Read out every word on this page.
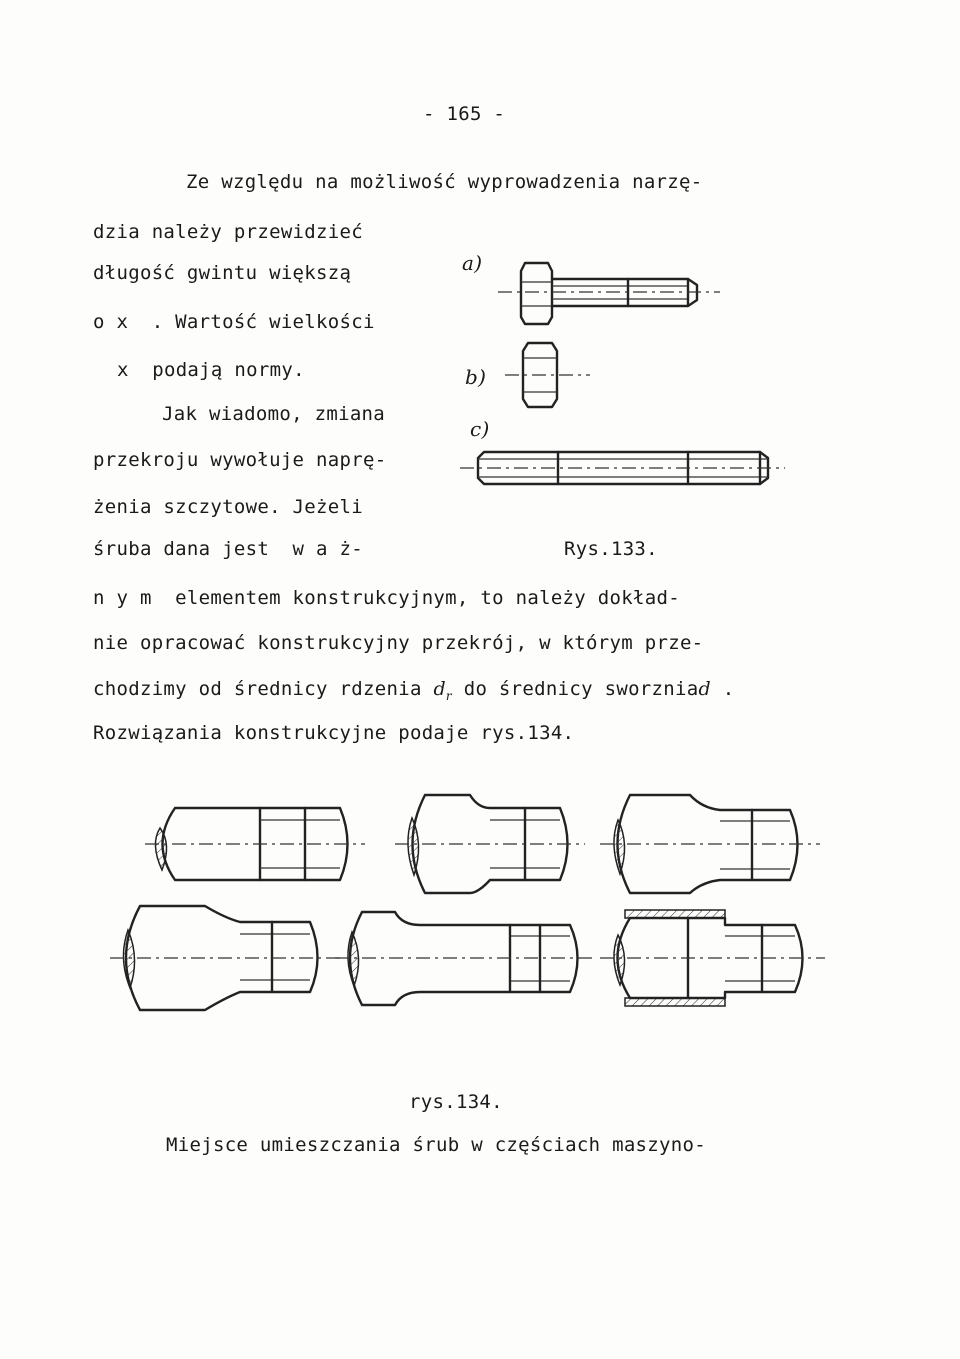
- 165 -
Ze względu na możliwość wyprowadzenia narzę-
dzia należy przewidzieć
długość gwintu większą
o x  . Wartość wielkości
x  podają normy.
Jak wiadomo, zmiana
przekroju wywołuje naprę-
żenia szczytowe. Jeżeli
śruba dana jest  w a ż-	Rys.133.
n y m  elementem konstrukcyjnym, to należy dokład-
nie opracować konstrukcyjny przekrój, w którym prze-
chodzimy od średnicy rdzenia $d_r$ do średnicy sworzniad .
Rozwiązania konstrukcyjne podaje rys.134.
a)
b)
c)
rys.134.
Miejsce umieszczania śrub w częściach maszyno-
